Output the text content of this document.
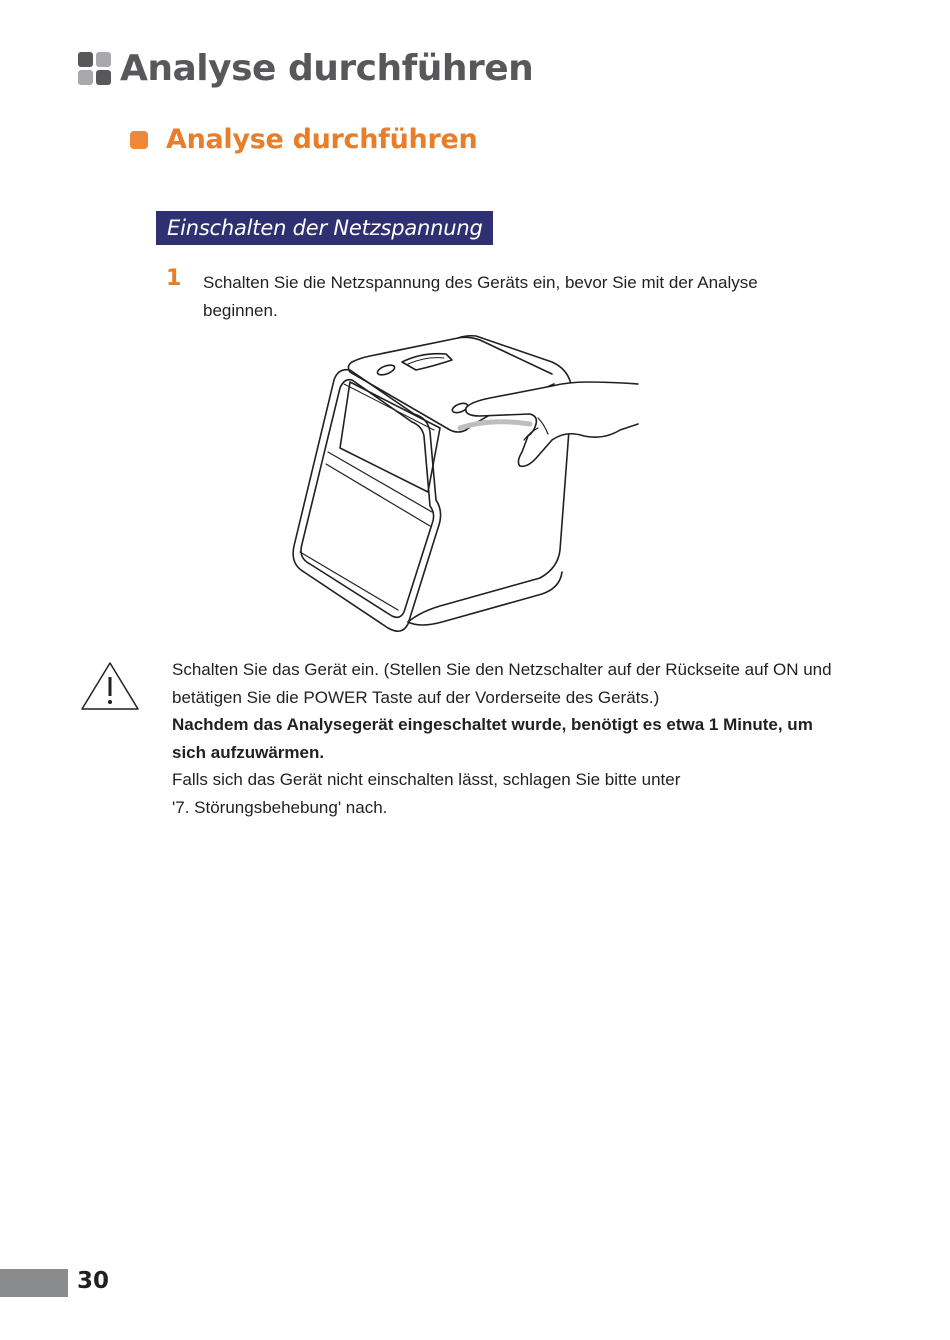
Analyse durchführen
Analyse durchführen
Einschalten der Netzspannung
1 Schalten Sie die Netzspannung des Geräts ein, bevor Sie mit der Analyse beginnen.

Schalten Sie das Gerät ein. (Stellen Sie den Netzschalter auf der Rückseite auf ON und betätigen Sie die POWER Taste auf der Vorderseite des Geräts.)

Nachdem das Analysegerät eingeschaltet wurde, benötigt es etwa 1 Minute, um sich aufzuwärmen.

Falls sich das Gerät nicht einschalten lässt, schlagen Sie bitte unter

'7. Störungsbehebung' nach.

30
